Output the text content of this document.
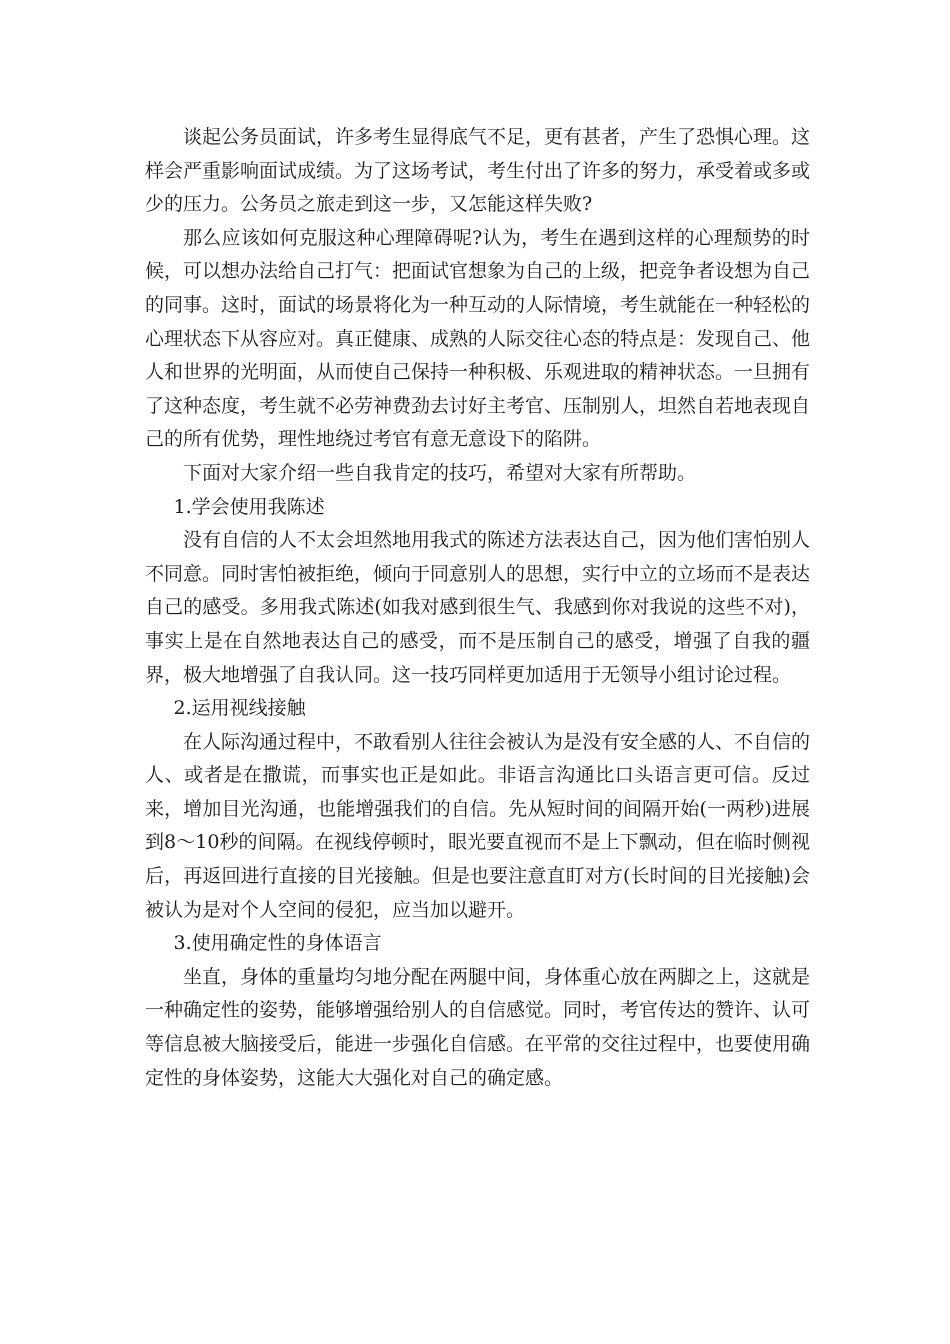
谈起公务员面试，许多考生显得底气不足，更有甚者，产生了恐惧心理。这样会严重影响面试成绩。为了这场考试，考生付出了许多的努力，承受着或多或少的压力。公务员之旅走到这一步，又怎能这样失败?

那么应该如何克服这种心理障碍呢?认为，考生在遇到这样的心理颓势的时候，可以想办法给自己打气：把面试官想象为自己的上级，把竞争者设想为自己的同事。这时，面试的场景将化为一种互动的人际情境，考生就能在一种轻松的心理状态下从容应对。真正健康、成熟的人际交往心态的特点是：发现自己、他人和世界的光明面，从而使自己保持一种积极、乐观进取的精神状态。一旦拥有了这种态度，考生就不必劳神费劲去讨好主考官、压制别人，坦然自若地表现自己的所有优势，理性地绕过考官有意无意设下的陷阱。

下面对大家介绍一些自我肯定的技巧，希望对大家有所帮助。

1.学会使用我陈述

没有自信的人不太会坦然地用我式的陈述方法表达自己，因为他们害怕别人不同意。同时害怕被拒绝，倾向于同意别人的思想，实行中立的立场而不是表达自己的感受。多用我式陈述(如我对感到很生气、我感到你对我说的这些不对)，事实上是在自然地表达自己的感受，而不是压制自己的感受，增强了自我的疆界，极大地增强了自我认同。这一技巧同样更加适用于无领导小组讨论过程。

2.运用视线接触

在人际沟通过程中，不敢看别人往往会被认为是没有安全感的人、不自信的人、或者是在撒谎，而事实也正是如此。非语言沟通比口头语言更可信。反过来，增加目光沟通，也能增强我们的自信。先从短时间的间隔开始(一两秒)进展到8～10秒的间隔。在视线停顿时，眼光要直视而不是上下飘动，但在临时侧视后，再返回进行直接的目光接触。但是也要注意直盯对方(长时间的目光接触)会被认为是对个人空间的侵犯，应当加以避开。

3.使用确定性的身体语言

坐直，身体的重量均匀地分配在两腿中间，身体重心放在两脚之上，这就是一种确定性的姿势，能够增强给别人的自信感觉。同时，考官传达的赞许、认可等信息被大脑接受后，能进一步强化自信感。在平常的交往过程中，也要使用确定性的身体姿势，这能大大强化对自己的确定感。
